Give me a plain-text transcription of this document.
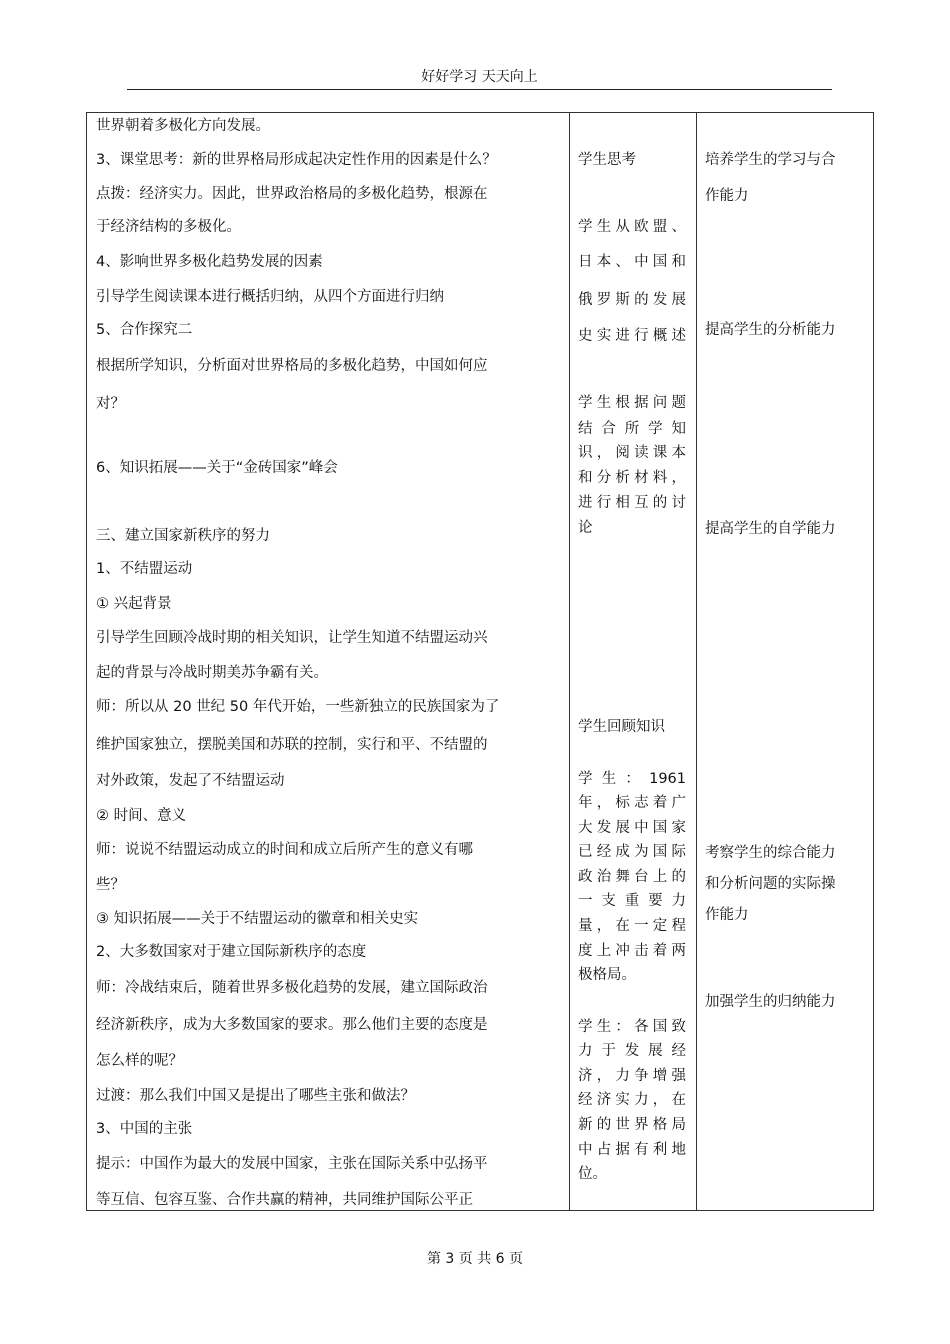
好好学习 天天向上
世界朝着多极化方向发展。
3、课堂思考：新的世界格局形成起决定性作用的因素是什么？
点拨：经济实力。因此，世界政治格局的多极化趋势，根源在
于经济结构的多极化。
4、影响世界多极化趋势发展的因素
引导学生阅读课本进行概括归纳，从四个方面进行归纳
5、合作探究二
根据所学知识，分析面对世界格局的多极化趋势，中国如何应
对？
6、知识拓展——关于“金砖国家”峰会
三、建立国家新秩序的努力
1、不结盟运动
① 兴起背景
引导学生回顾冷战时期的相关知识，让学生知道不结盟运动兴
起的背景与冷战时期美苏争霸有关。
师：所以从 20 世纪 50 年代开始，一些新独立的民族国家为了
维护国家独立，摆脱美国和苏联的控制，实行和平、不结盟的
对外政策，发起了不结盟运动
② 时间、意义
师：说说不结盟运动成立的时间和成立后所产生的意义有哪
些？
③ 知识拓展——关于不结盟运动的徽章和相关史实
2、大多数国家对于建立国际新秩序的态度
师：冷战结束后，随着世界多极化趋势的发展，建立国际政治
经济新秩序，成为大多数国家的要求。那么他们主要的态度是
怎么样的呢？
过渡：那么我们中国又是提出了哪些主张和做法？
3、中国的主张
提示：中国作为最大的发展中国家，主张在国际关系中弘扬平
等互信、包容互鉴、合作共赢的精神，共同维护国际公平正
学生思考
学生从欧盟、
日本、中国和
俄罗斯的发展
史实进行概述
学生根据问题
结合所学知
识，阅读课本
和分析材料，
进行相互的讨
论
学生回顾知识
学生：1961
年，标志着广
大发展中国家
已经成为国际
政治舞台上的
一支重要力
量，在一定程
度上冲击着两
极格局。
学生：各国致
力于发展经
济，力争增强
经济实力，在
新的世界格局
中占据有利地
位。
培养学生的学习与合
作能力
提高学生的分析能力
提高学生的自学能力
考察学生的综合能力
和分析问题的实际操
作能力
加强学生的归纳能力
第 3 页 共 6 页
